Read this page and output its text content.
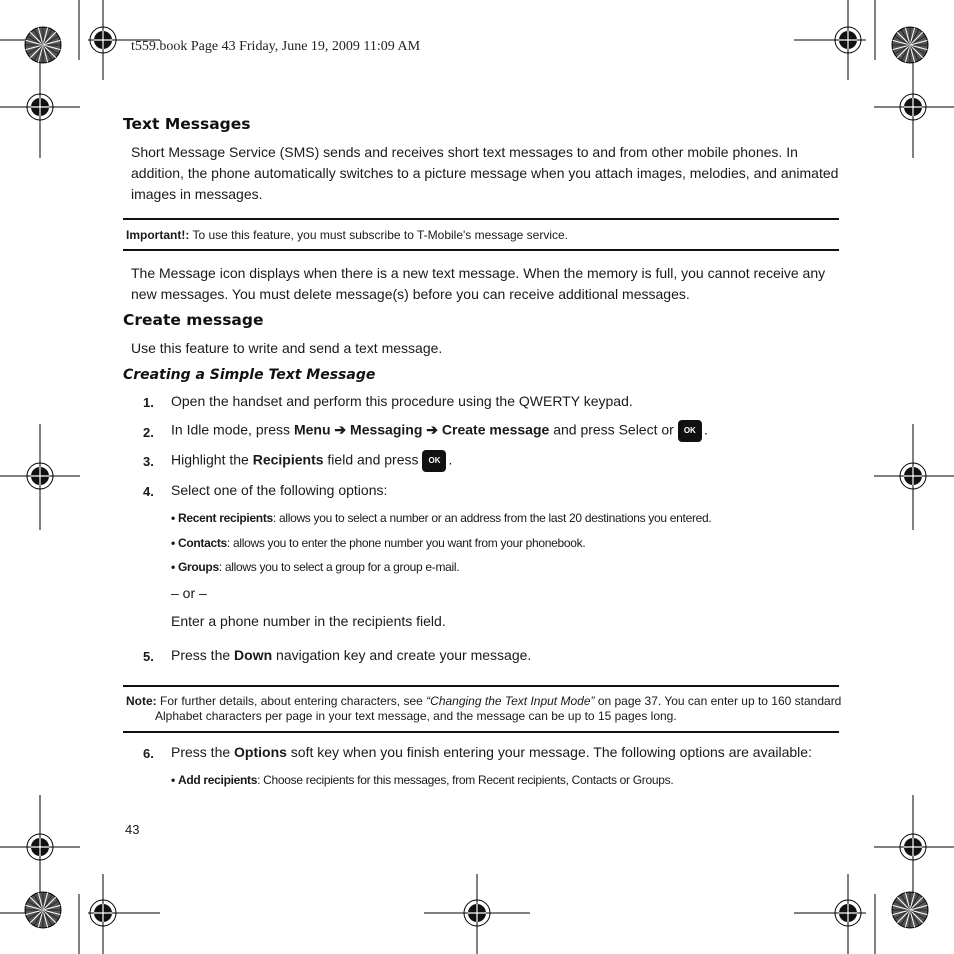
t559.book Page 43 Friday, June 19, 2009 11:09 AM
Text Messages
Short Message Service (SMS) sends and receives short text messages to and from other mobile phones. In addition, the phone automatically switches to a picture message when you attach images, melodies, and animated images in messages.
Important!: To use this feature, you must subscribe to T-Mobile's message service.
The Message icon displays when there is a new text message. When the memory is full, you cannot receive any new messages. You must delete message(s) before you can receive additional messages.
Create message
Use this feature to write and send a text message.
Creating a Simple Text Message
1. Open the handset and perform this procedure using the QWERTY keypad.
2. In Idle mode, press Menu ➔ Messaging ➔ Create message and press Select or OK .
3. Highlight the Recipients field and press OK .
4. Select one of the following options:
• Recent recipients: allows you to select a number or an address from the last 20 destinations you entered.
• Contacts: allows you to enter the phone number you want from your phonebook.
• Groups: allows you to select a group for a group e-mail.
– or –
Enter a phone number in the recipients field.
5. Press the Down navigation key and create your message.
Note: For further details, about entering characters, see “Changing the Text Input Mode” on page 37. You can enter up to 160 standard
Alphabet characters per page in your text message, and the message can be up to 15 pages long.
6. Press the Options soft key when you finish entering your message. The following options are available:
• Add recipients: Choose recipients for this messages, from Recent recipients, Contacts or Groups.
43
